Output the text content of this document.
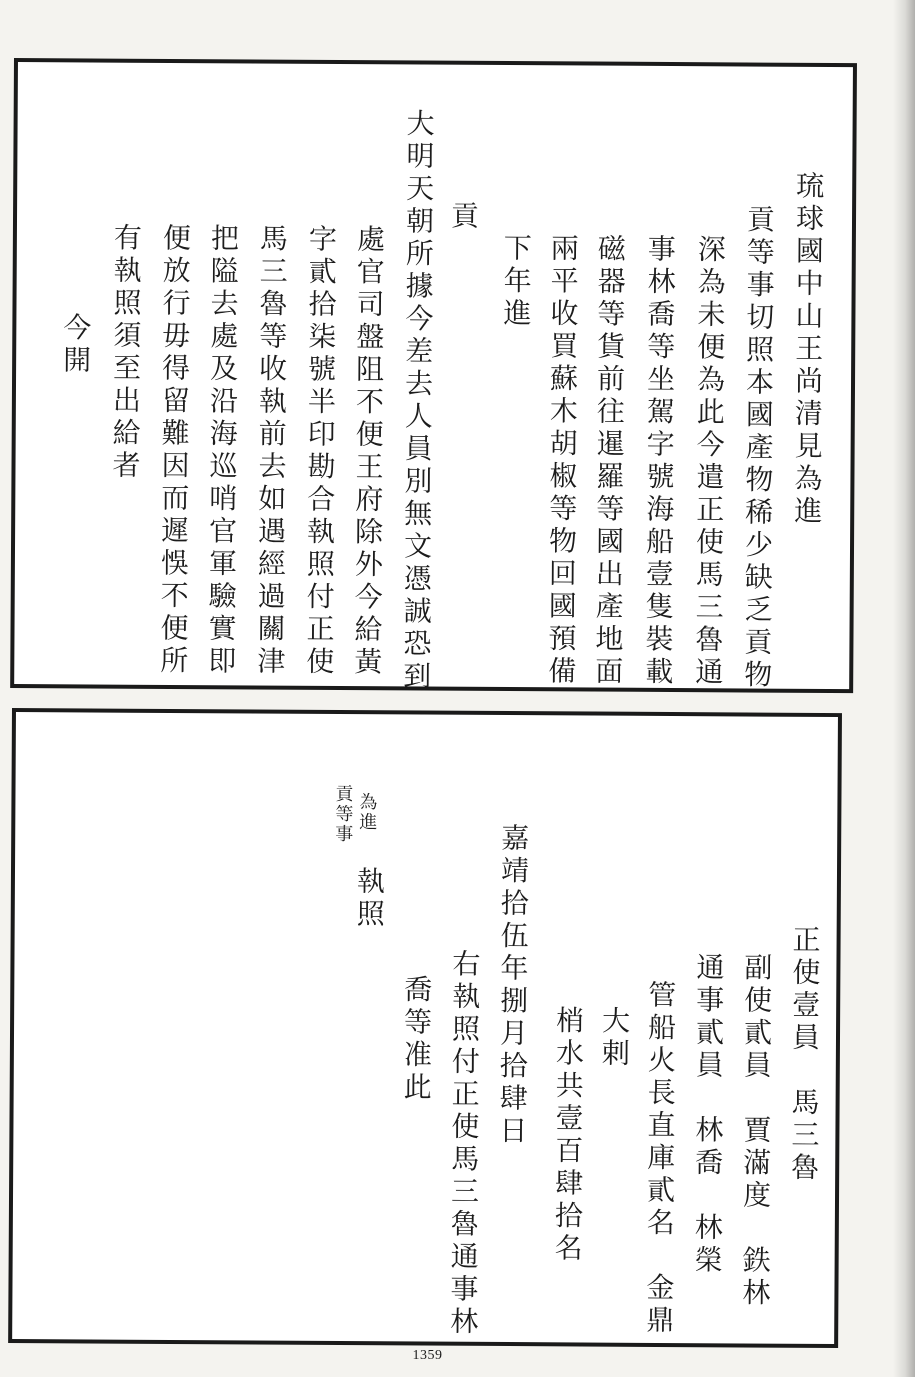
琉球國中山王尚清見為進
貢等事切照本國產物稀少缺乏貢物
深為未便為此今遣正使馬三魯通
事林喬等坐駕字號海船壹隻裝載
磁器等貨前往暹羅等國出產地面
兩平收買蘇木胡椒等物回國預備
下年進
貢
大明天朝所據今差去人員別無文憑誠恐到
處官司盤阻不便王府除外今給黃
字貳拾柒號半印勘合執照付正使
馬三魯等收執前去如遇經過關津
把隘去處及沿海巡哨官軍驗實即
便放行毋得留難因而遲悞不便所
有執照須至出給者
今開
正使壹員　馬三魯
副使貳員　賈滿度　鉄林
通事貳員　林喬　林榮
管船火長直庫貳名　金鼎
大剌
梢水共壹百肆拾名
嘉靖拾伍年捌月拾肆日
右執照付正使馬三魯通事林
喬等准此
執照
為進
貢等事
1359
